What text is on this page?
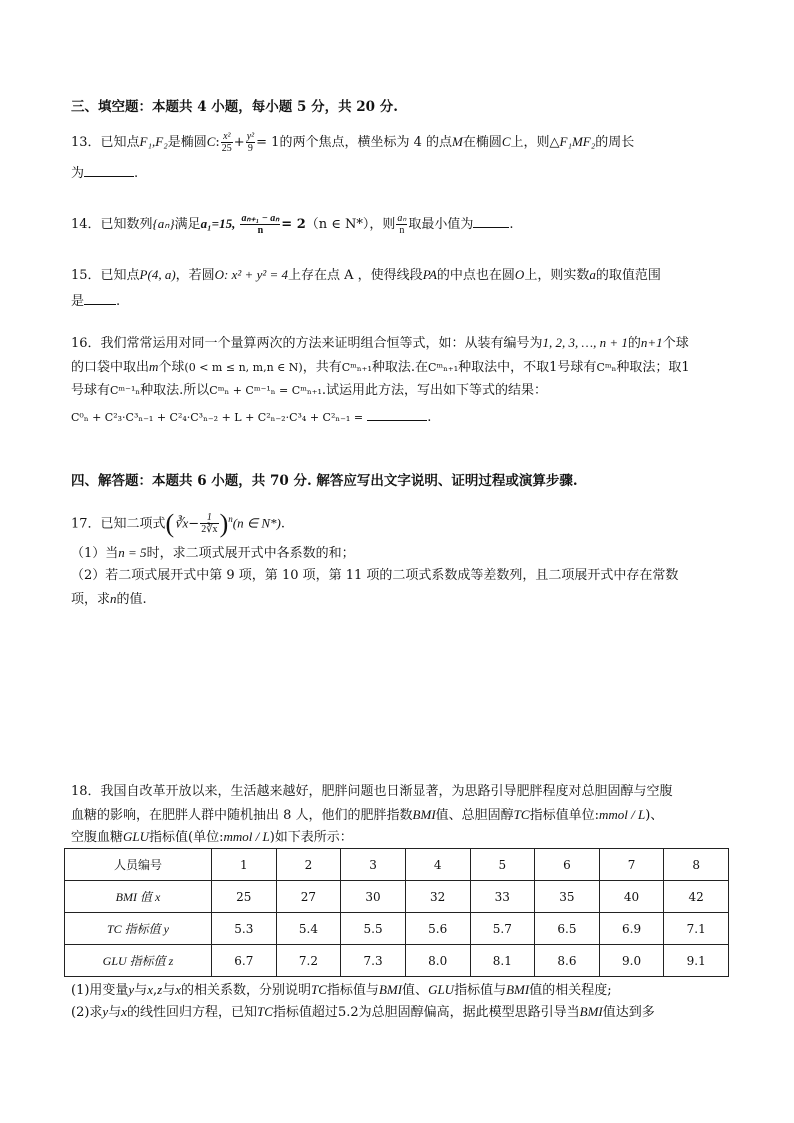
三、填空题：本题共 4 小题，每小题 5 分，共 20 分.
13．已知点F₁,F₂是椭圆C: $\frac{\text{x²}}{25} + \frac{\text{y²}}{9} = 1$的两个焦点，横坐标为 4 的点M在椭圆C上，则△F₁MF₂的周长
为	.
14．已知数列{aₙ}满足a₁=15, $\frac{\text{aₙ₊₁ − aₙ}}{n} = 2(n$ ∈ N*），则 $\frac{\text{aₙ}}{n}$ 取最小值为	.
15．已知点P(4, a)，若圆O: x² + y² = 4上存在点 A ，使得线段PA的中点也在圆O上，则实数a的取值范围
是 .
16．我们常常运用对同一个量算两次的方法来证明组合恒等式，如：从装有编号为1, 2, 3, …, n + 1的n+1个球
的口袋中取出m个球(0 < m ≤ n, m,n ∈ N)，共有Cᵐₙ₊₁种取法.在Cᵐₙ₊₁种取法中，不取1号球有Cᵐₙ种取法；取1
号球有Cᵐ⁻¹ₙ种取法.所以Cᵐₙ + Cᵐ⁻¹ₙ = Cᵐₙ₊₁.试运用此方法，写出如下等式的结果：
C⁰ₙ + C²₃·C³ₙ₋₁ + C²₄·C³ₙ₋₂ + L + C²ₙ₋₂·C³₄ + C²ₙ₋₁ =	.
四、解答题：本题共 6 小题，共 70 分. 解答应写出文字说明、证明过程或演算步骤.
17．已知二项式(∛x− $\frac{1}{2∛x} )^n(n$ ∈ N*).
（1）当n = 5时，求二项式展开式中各系数的和；
（2）若二项式展开式中第 9 项，第 10 项，第 11 项的二项式系数成等差数列，且二项展开式中存在常数
项，求n的值.
18．我国自改革开放以来，生活越来越好，肥胖问题也日渐显著，为思路引导肥胖程度对总胆固醇与空腹
血糖的影响，在肥胖人群中随机抽出 8 人，他们的肥胖指数BMI值、总胆固醇TC指标值单位:mmol / L)、
空腹血糖GLU指标值(单位:mmol / L)如下表所示：
人员编号	1	2	3	4	5	6	7	8
BMI 值 x	25	27	30	32	33	35	40	42
TC 指标值 y	5.3	5.4	5.5	5.6	5.7	6.5	6.9	7.1
GLU 指标值 z	6.7	7.2	7.3	8.0	8.1	8.6	9.0	9.1
(1)用变量y与x,z与x的相关系数，分别说明TC指标值与BMI值、GLU指标值与BMI值的相关程度;
(2)求y与x的线性回归方程，已知TC指标值超过5.2为总胆固醇偏高，据此模型思路引导当BMI值达到多
